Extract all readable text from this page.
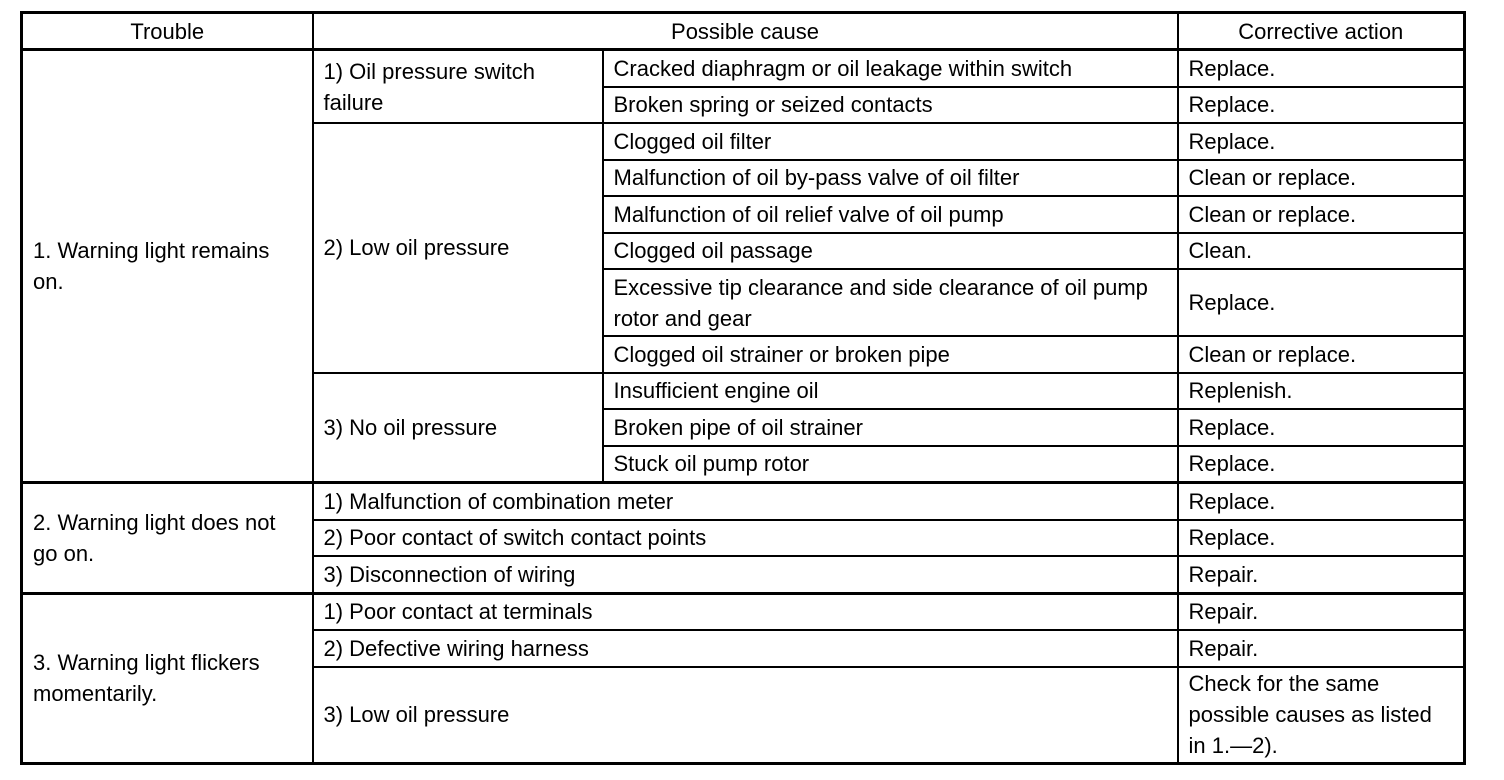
Trouble	Possible cause		Corrective action
1. Warning light remains on.	1) Oil pressure switch failure	Cracked diaphragm or oil leakage within switch	Replace.
		Broken spring or seized contacts	Replace.
	2) Low oil pressure	Clogged oil filter	Replace.
		Malfunction of oil by-pass valve of oil filter	Clean or replace.
		Malfunction of oil relief valve of oil pump	Clean or replace.
		Clogged oil passage	Clean.
		Excessive tip clearance and side clearance of oil pump rotor and gear	Replace.
		Clogged oil strainer or broken pipe	Clean or replace.
	3) No oil pressure	Insufficient engine oil	Replenish.
		Broken pipe of oil strainer	Replace.
		Stuck oil pump rotor	Replace.
2. Warning light does not go on.	1) Malfunction of combination meter		Replace.
	2) Poor contact of switch contact points		Replace.
	3) Disconnection of wiring		Repair.
3. Warning light flickers momentarily.	1) Poor contact at terminals		Repair.
	2) Defective wiring harness		Repair.
	3) Low oil pressure		Check for the same possible causes as listed in 1.—2).
